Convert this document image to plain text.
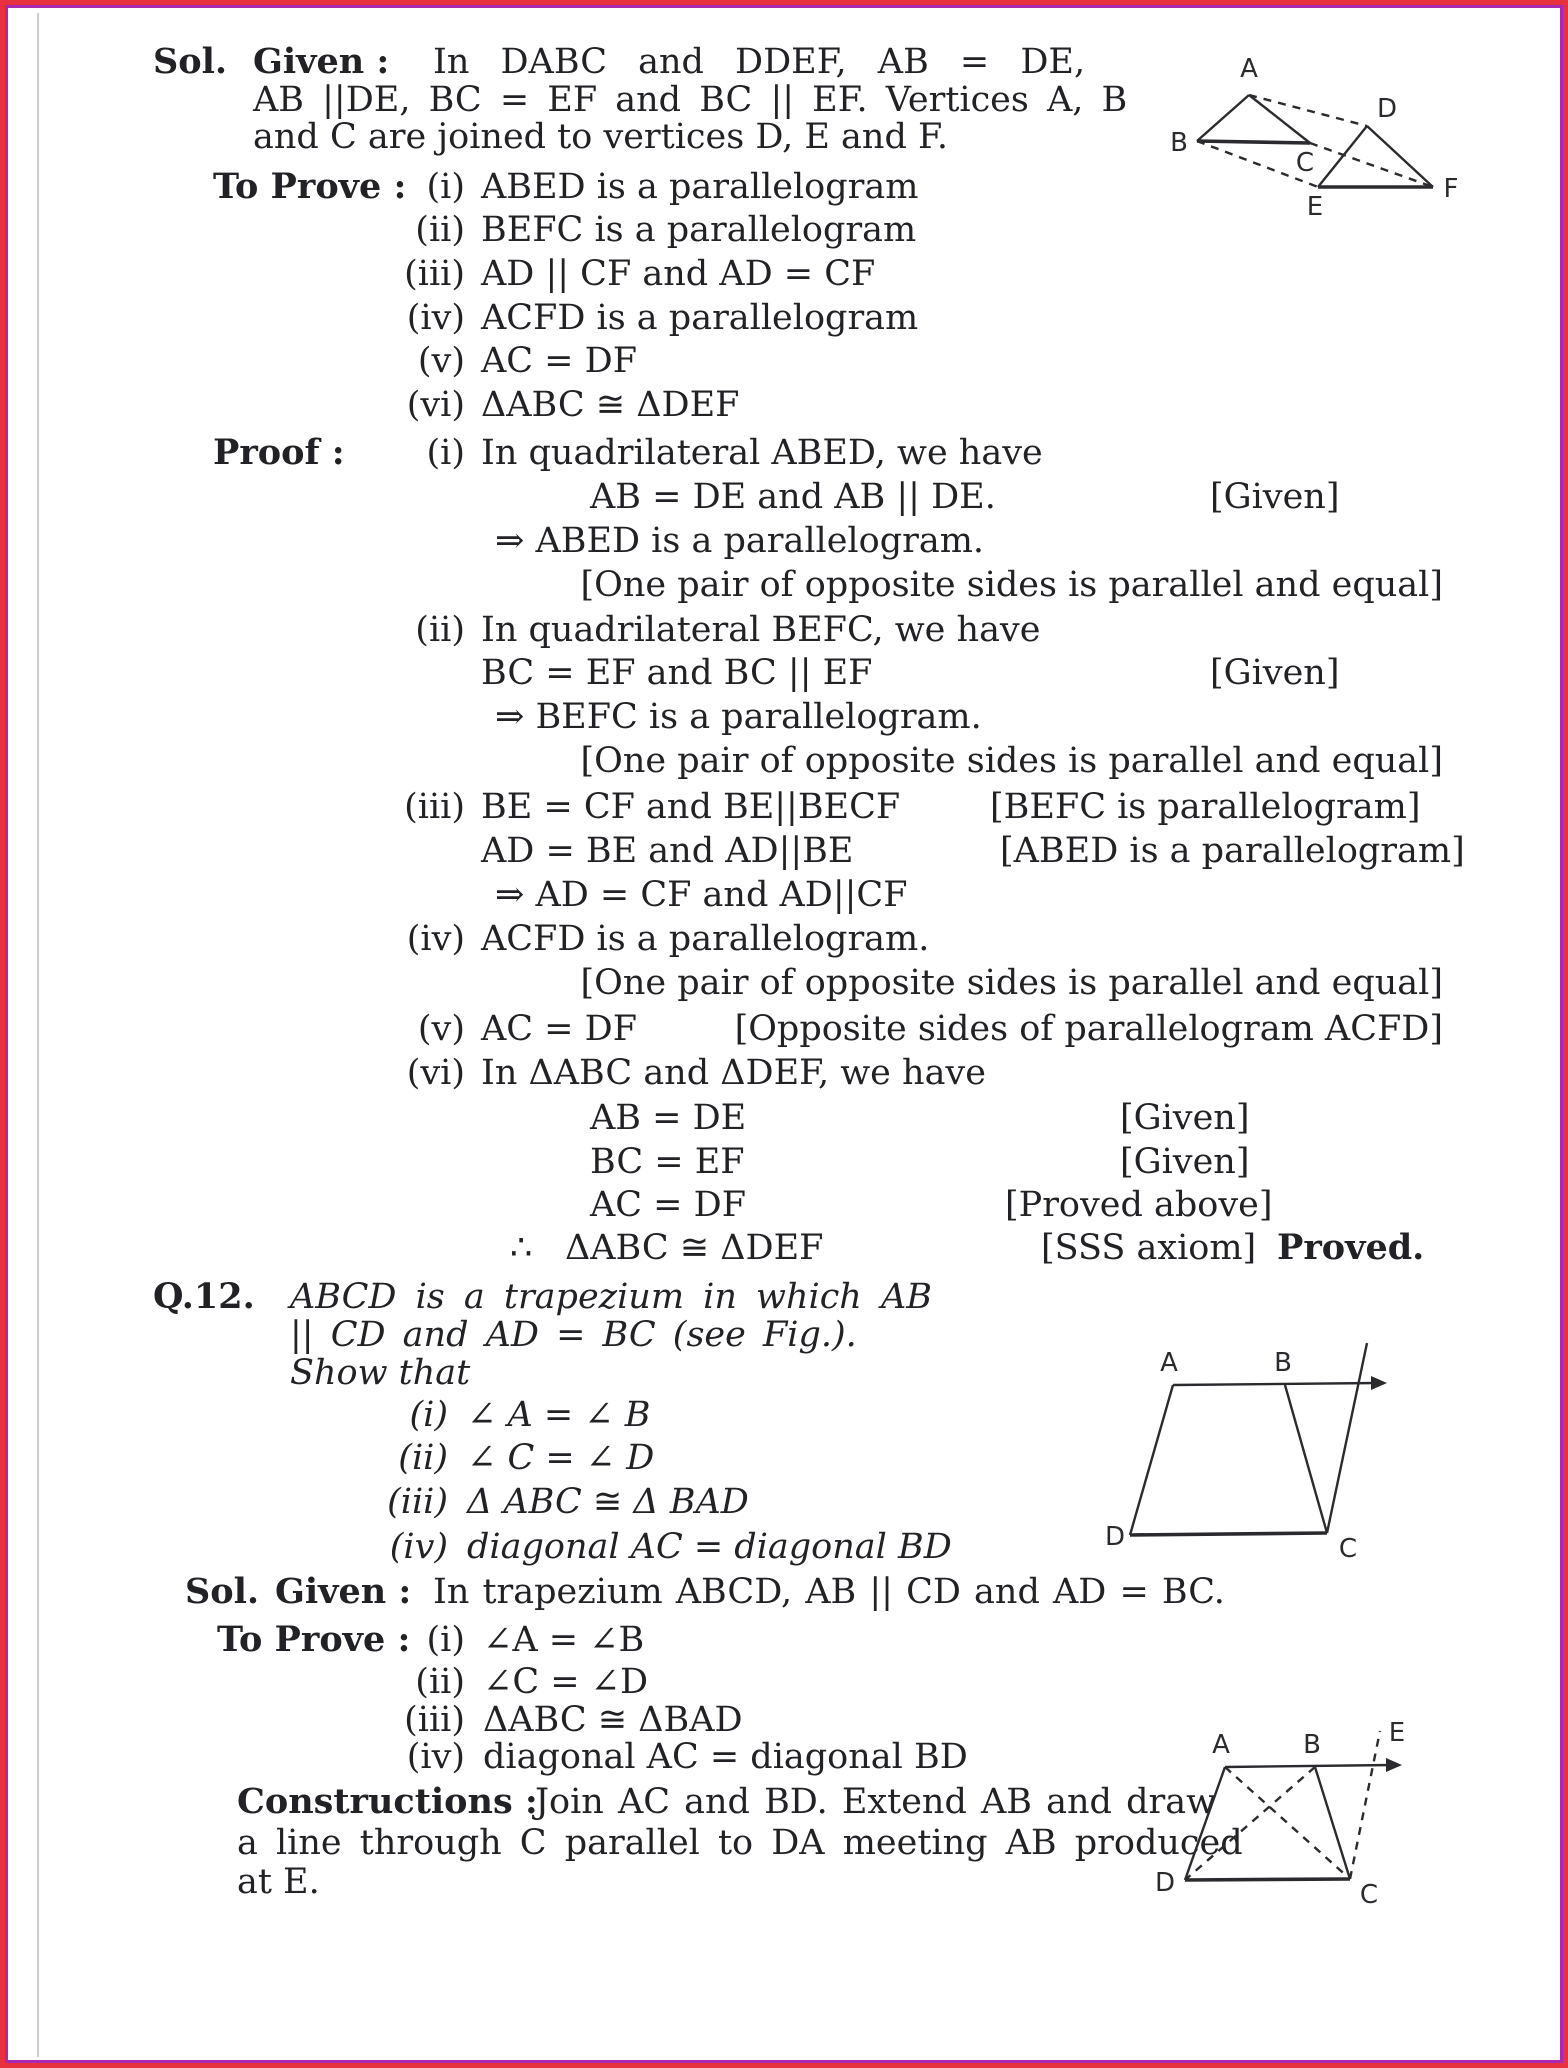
Sol. Given : In DABC and DDEF, AB = DE,
AB ||DE, BC = EF and BC || EF. Vertices A, B
and C are joined to vertices D, E and F.
To Prove : (i) ABED is a parallelogram
(ii) BEFC is a parallelogram
(iii) AD || CF and AD = CF
(iv) ACFD is a parallelogram
(v) AC = DF
(vi) ΔABC ≅ ΔDEF
Proof :	(i) In quadrilateral ABED, we have
AB = DE and AB || DE.	[Given]
⇒ ABED is a parallelogram.
[One pair of opposite sides is parallel and equal]
(ii) In quadrilateral BEFC, we have
BC = EF and BC || EF	[Given]
⇒ BEFC is a parallelogram.
[One pair of opposite sides is parallel and equal]
(iii) BE = CF and BE||BECF	[BEFC is parallelogram]
AD = BE and AD||BE	[ABED is a parallelogram]
⇒ AD = CF and AD||CF
(iv) ACFD is a parallelogram.
[One pair of opposite sides is parallel and equal]
(v) AC = DF	[Opposite sides of parallelogram ACFD]
(vi) In ΔABC and ΔDEF, we have
AB = DE	[Given]
BC = EF	[Given]
AC = DF	[Proved above]
∴ ΔABC ≅ ΔDEF	[SSS axiom] Proved.
Q.12. ABCD is a trapezium in which AB
|| CD and AD = BC (see Fig.).
Show that
(i) ∠ A = ∠ B
(ii) ∠ C = ∠ D
(iii) Δ ABC ≅ Δ BAD
(iv) diagonal AC = diagonal BD
Sol. Given : In trapezium ABCD, AB || CD and AD = BC.
To Prove : (i) ∠A = ∠B
(ii) ∠C = ∠D
(iii) ΔABC ≅ ΔBAD
(iv) diagonal AC = diagonal BD
Constructions :
Join AC and BD. Extend AB and draw
a line through C parallel to DA meeting AB produced
at E.
A
B
C
D
E
F
A	B
D	C
A	B	E
D	C
